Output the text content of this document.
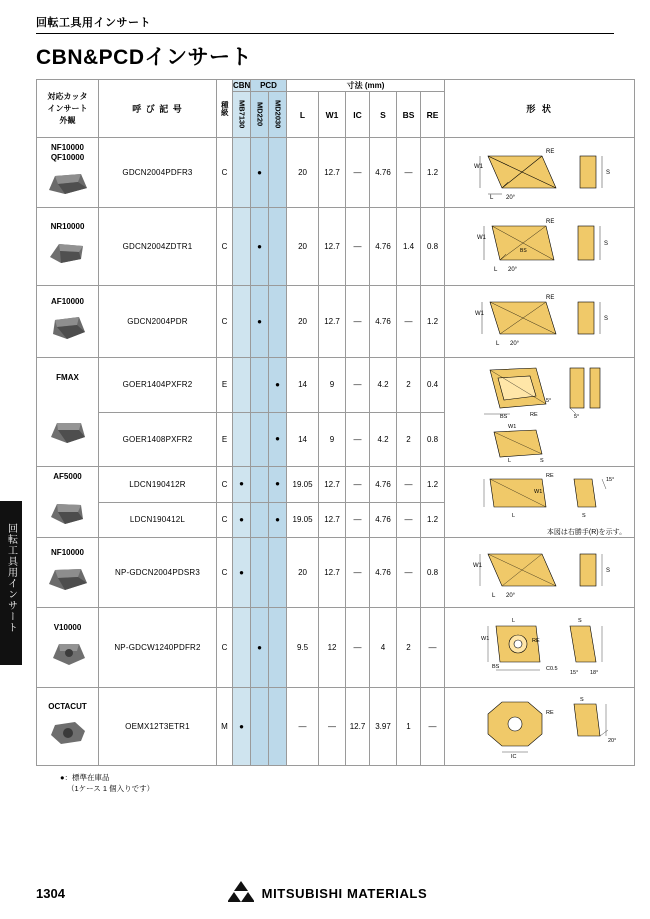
回転工具用インサート
回転工具用インサート
CBN&PCDインサート
対応カッタ
インサート
外観	呼 び 記 号	種級	CBN	PCD		寸法 (mm)						形 状

			MB7130	MD220	MD2030	L	W1	IC	S	BS	RE	

NF10000
QF10000
	GDCN2004PDFR3	C		●		20	12.7	—	4.76	—	1.2	
W1
RE
L 20°
S

NR10000
	GDCN2004ZDTR1	C		●		20	12.7	—	4.76	1.4	0.8	
W1
RE
L 20°
BS
S

AF10000	GDCN2004PDR	C		●		20	12.7	—	4.76	—	1.2	W1
RE
L 20°
S

FMAX
	GOER1404PXFR2	E			●	14	9	—	4.2	2	0.4	
BS	RE
5°
5°
W1
S
L

	GOER1408PXFR2	E			●	14	9	—	4.2	2	0.8	

AF5000
	LDCN190412R	C	●		●	19.05	12.7	—	4.76	—	1.2	
RE
W1
L
15°
S
本図は右勝手(R)を示す。

	LDCN190412L	C	●		●	19.05	12.7	—	4.76	—	1.2	

NF10000	NP-GDCN2004PDSR3	C	●			20	12.7	—	4.76	—	0.8	W1
L 20°
S

V10000
	NP-GDCW1240PDFR2	C		●		9.5	12	—	4	2	—	
W1
L
RE
BS	C0.5
S
15° 18°

OCTACUT	OEMX12T3ETR1	M	●			—	—	12.7	3.97	1	—	RE
IC
S
20°
●：標準在庫品
（1ケース 1 個入りです）
1304	MITSUBISHI MATERIALS
